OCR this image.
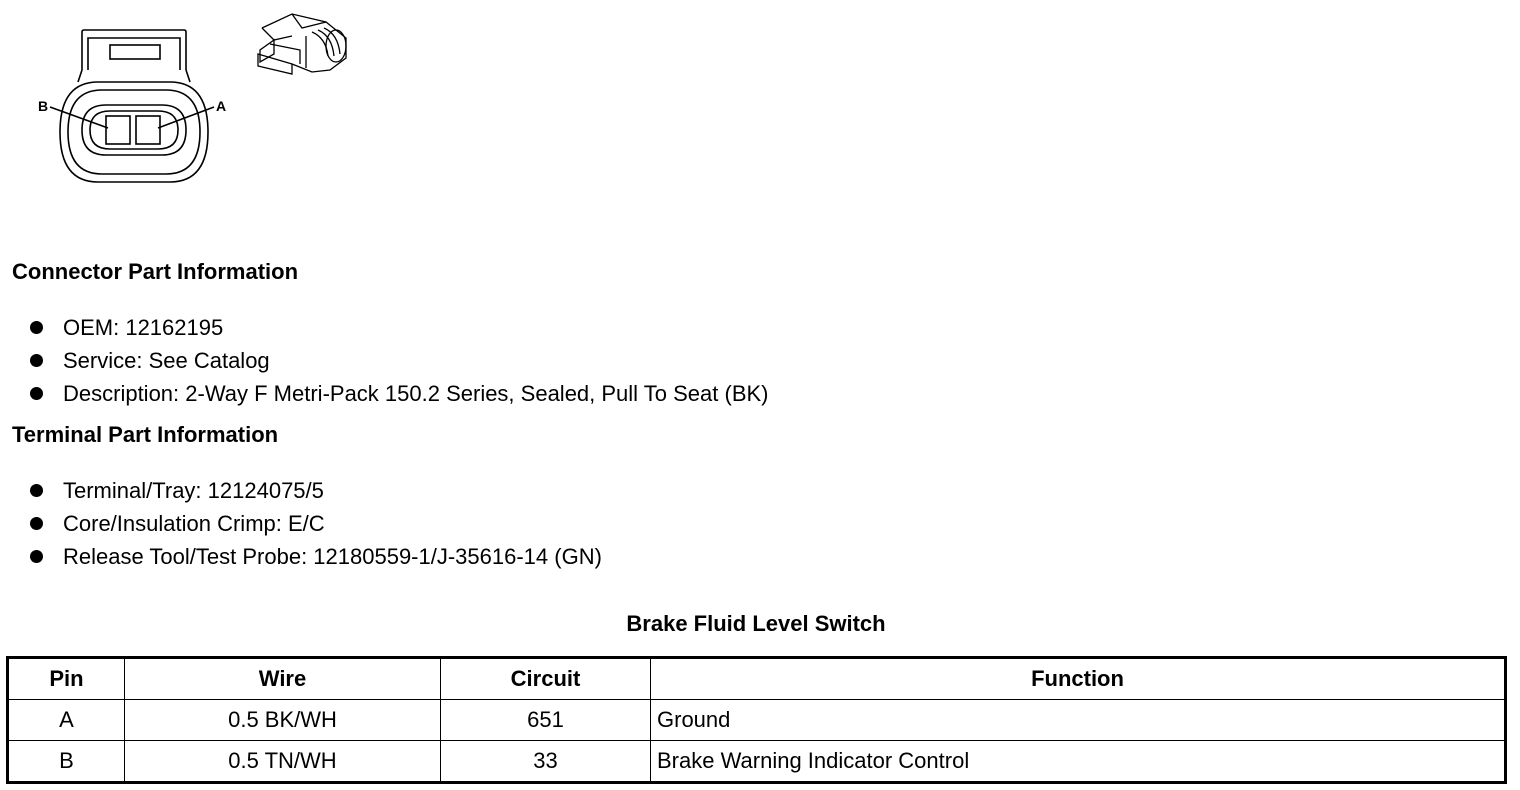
B	A
Connector Part Information
OEM: 12162195
Service: See Catalog
Description: 2-Way F Metri-Pack 150.2 Series, Sealed, Pull To Seat (BK)
Terminal Part Information
Terminal/Tray: 12124075/5
Core/Insulation Crimp: E/C
Release Tool/Test Probe: 12180559-1/J-35616-14 (GN)
Brake Fluid Level Switch
Pin	Wire	Circuit	Function
A	0.5 BK/WH	651	Ground
B	0.5 TN/WH	33	Brake Warning Indicator Control
